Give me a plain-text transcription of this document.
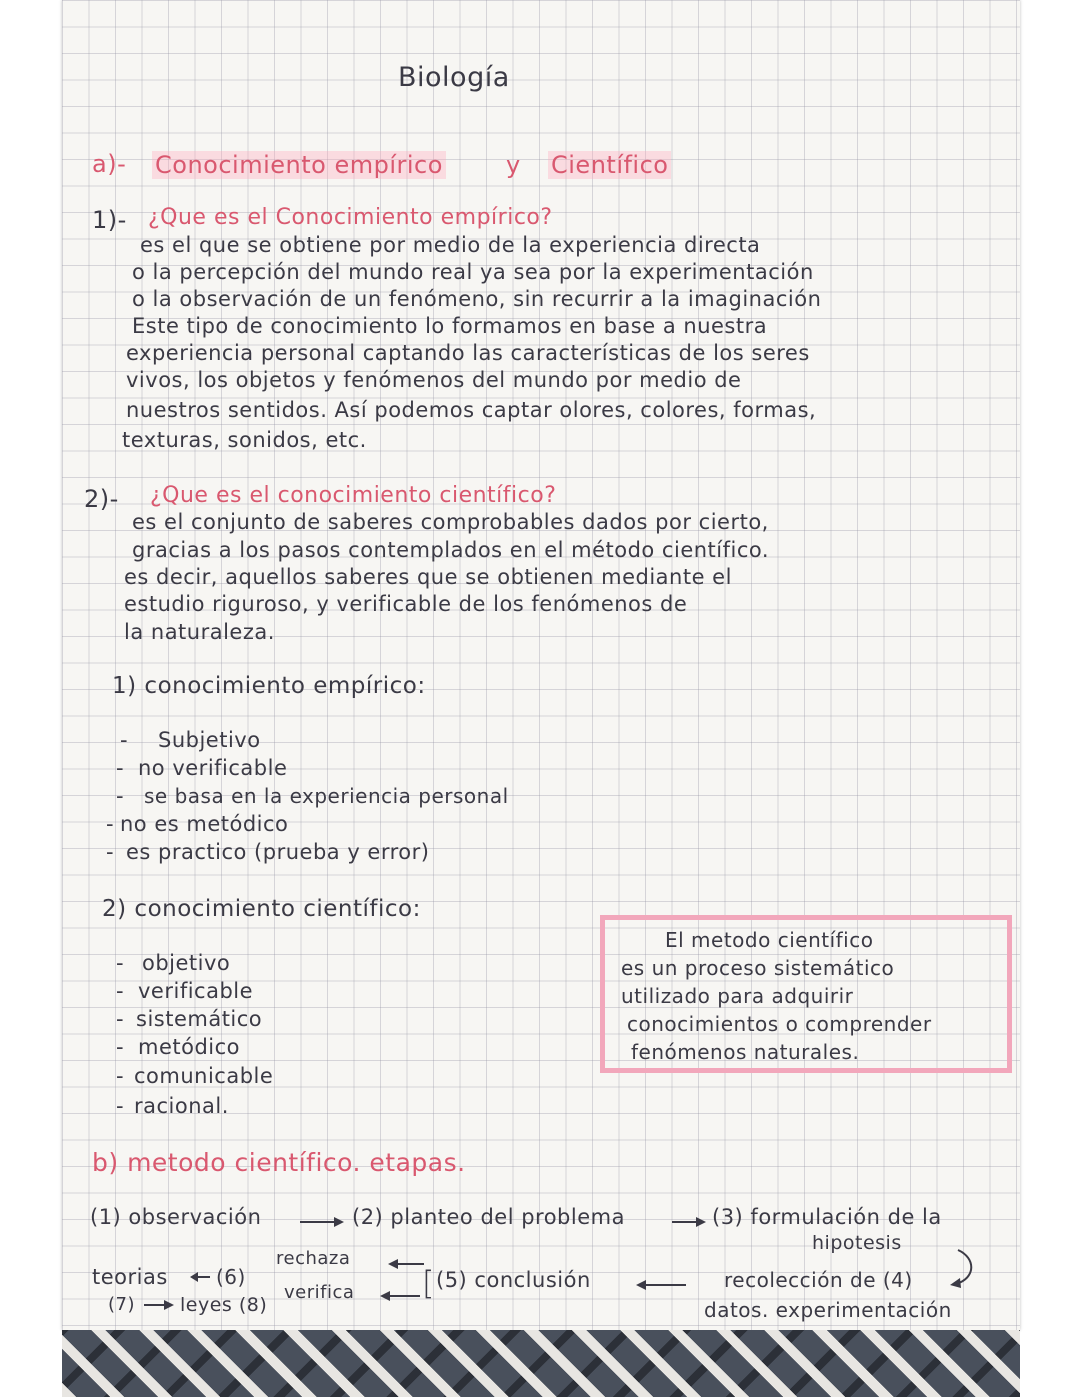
Biología
a)- Conocimiento empírico	y Científico
1)- ¿Que es el Conocimiento empírico?
es el que se obtiene por medio de la experiencia directa
o la percepción del mundo real ya sea por la experimentación
o la observación de un fenómeno, sin recurrir a la imaginación
Este tipo de conocimiento lo formamos en base a nuestra
experiencia personal captando las características de los seres
vivos, los objetos y fenómenos del mundo por medio de
nuestros sentidos. Así podemos captar olores, colores, formas,
texturas, sonidos, etc.
2)- ¿Que es el conocimiento científico?
es el conjunto de saberes comprobables dados por cierto,
gracias a los pasos contemplados en el método científico.
es decir, aquellos saberes que se obtienen mediante el
estudio riguroso, y verificable de los fenómenos de
la naturaleza.
1) conocimiento empírico:
- Subjetivo
- no verificable
- se basa en la experiencia personal
- no es metódico
- es practico (prueba y error)
2) conocimiento científico:
- objetivo
- verificable
- sistemático
- metódico
- comunicable
- racional.
El metodo científico
es un proceso sistemático
utilizado para adquirir
conocimientos o comprender
fenómenos naturales.
b) metodo científico. etapas.
(1) observación	(2) planteo del problema	(3) formulación de la
hipotesis
rechaza
verifica [ (5) conclusión	recolección de (4)
datos. experimentación
teorias (6)
(7) leyes (8)
